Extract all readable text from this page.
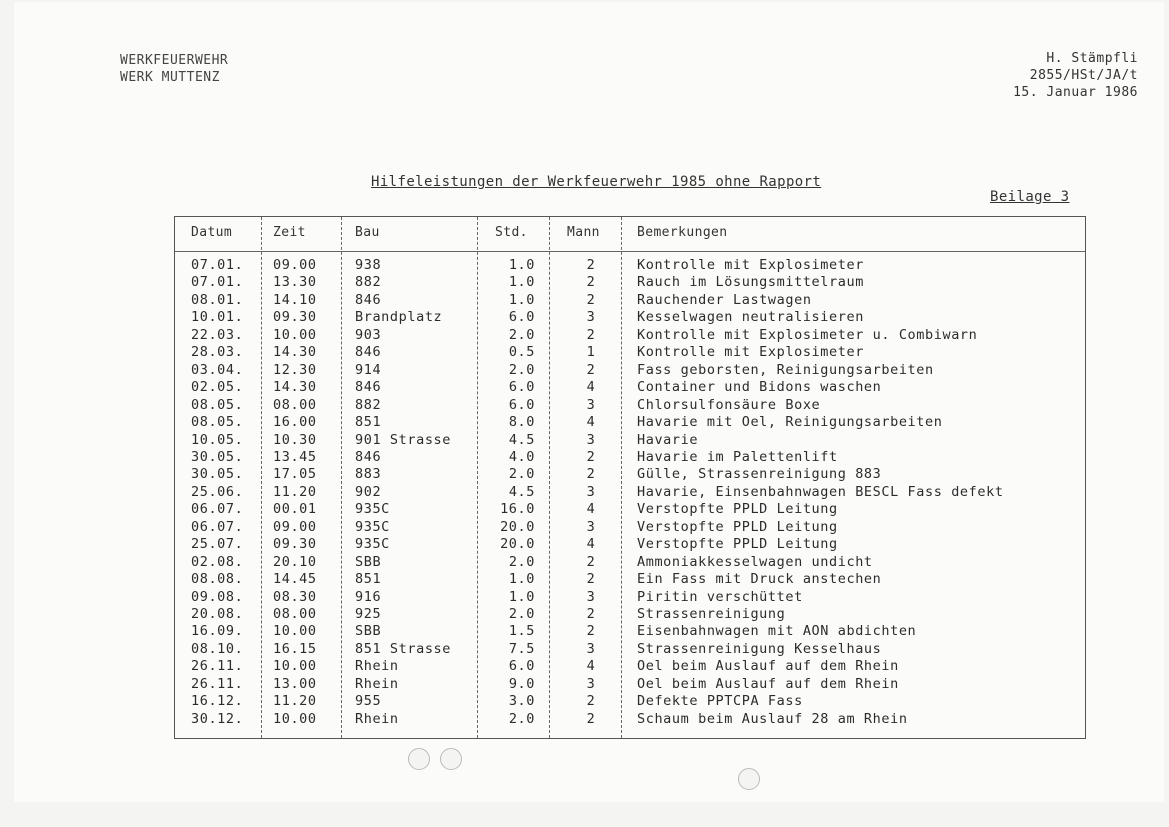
WERKFEUERWEHR
WERK MUTTENZ
H. Stämpfli
2855/HSt/JA/t
15. Januar 1986
Hilfeleistungen der Werkfeuerwehr 1985 ohne Rapport
Beilage 3
Datum	Zeit	Bau	Std.	Mann	Bemerkungen
07.01. 09.00	938	1.0	2	Kontrolle mit Explosimeter
07.01. 13.30	882	1.0	2	Rauch im Lösungsmittelraum
08.01. 14.10	846	1.0	2	Rauchender Lastwagen
10.01. 09.30	Brandplatz	6.0	3	Kesselwagen neutralisieren
22.03. 10.00	903	2.0	2	Kontrolle mit Explosimeter u. Combiwarn
28.03. 14.30	846	0.5	1	Kontrolle mit Explosimeter
03.04. 12.30	914	2.0	2	Fass geborsten, Reinigungsarbeiten
02.05. 14.30	846	6.0	4	Container und Bidons waschen
08.05. 08.00	882	6.0	3	Chlorsulfonsäure Boxe
08.05. 16.00	851	8.0	4	Havarie mit Oel, Reinigungsarbeiten
10.05. 10.30	901 Strasse	4.5	3	Havarie
30.05. 13.45	846	4.0	2	Havarie im Palettenlift
30.05. 17.05	883	2.0	2	Gülle, Strassenreinigung 883
25.06. 11.20	902	4.5	3	Havarie, Einsenbahnwagen BESCL Fass defekt
06.07. 00.01	935C	16.0	4	Verstopfte PPLD Leitung
06.07. 09.00	935C	20.0	3	Verstopfte PPLD Leitung
25.07. 09.30	935C	20.0	4	Verstopfte PPLD Leitung
02.08. 20.10	SBB	2.0	2	Ammoniakkesselwagen undicht
08.08. 14.45	851	1.0	2	Ein Fass mit Druck anstechen
09.08. 08.30	916	1.0	3	Piritin verschüttet
20.08. 08.00	925	2.0	2	Strassenreinigung
16.09. 10.00	SBB	1.5	2	Eisenbahnwagen mit AON abdichten
08.10. 16.15	851 Strasse	7.5	3	Strassenreinigung Kesselhaus
26.11. 10.00	Rhein	6.0	4	Oel beim Auslauf auf dem Rhein
26.11. 13.00	Rhein	9.0	3	Oel beim Auslauf auf dem Rhein
16.12. 11.20	955	3.0	2	Defekte PPTCPA Fass
30.12. 10.00	Rhein	2.0	2	Schaum beim Auslauf 28 am Rhein
